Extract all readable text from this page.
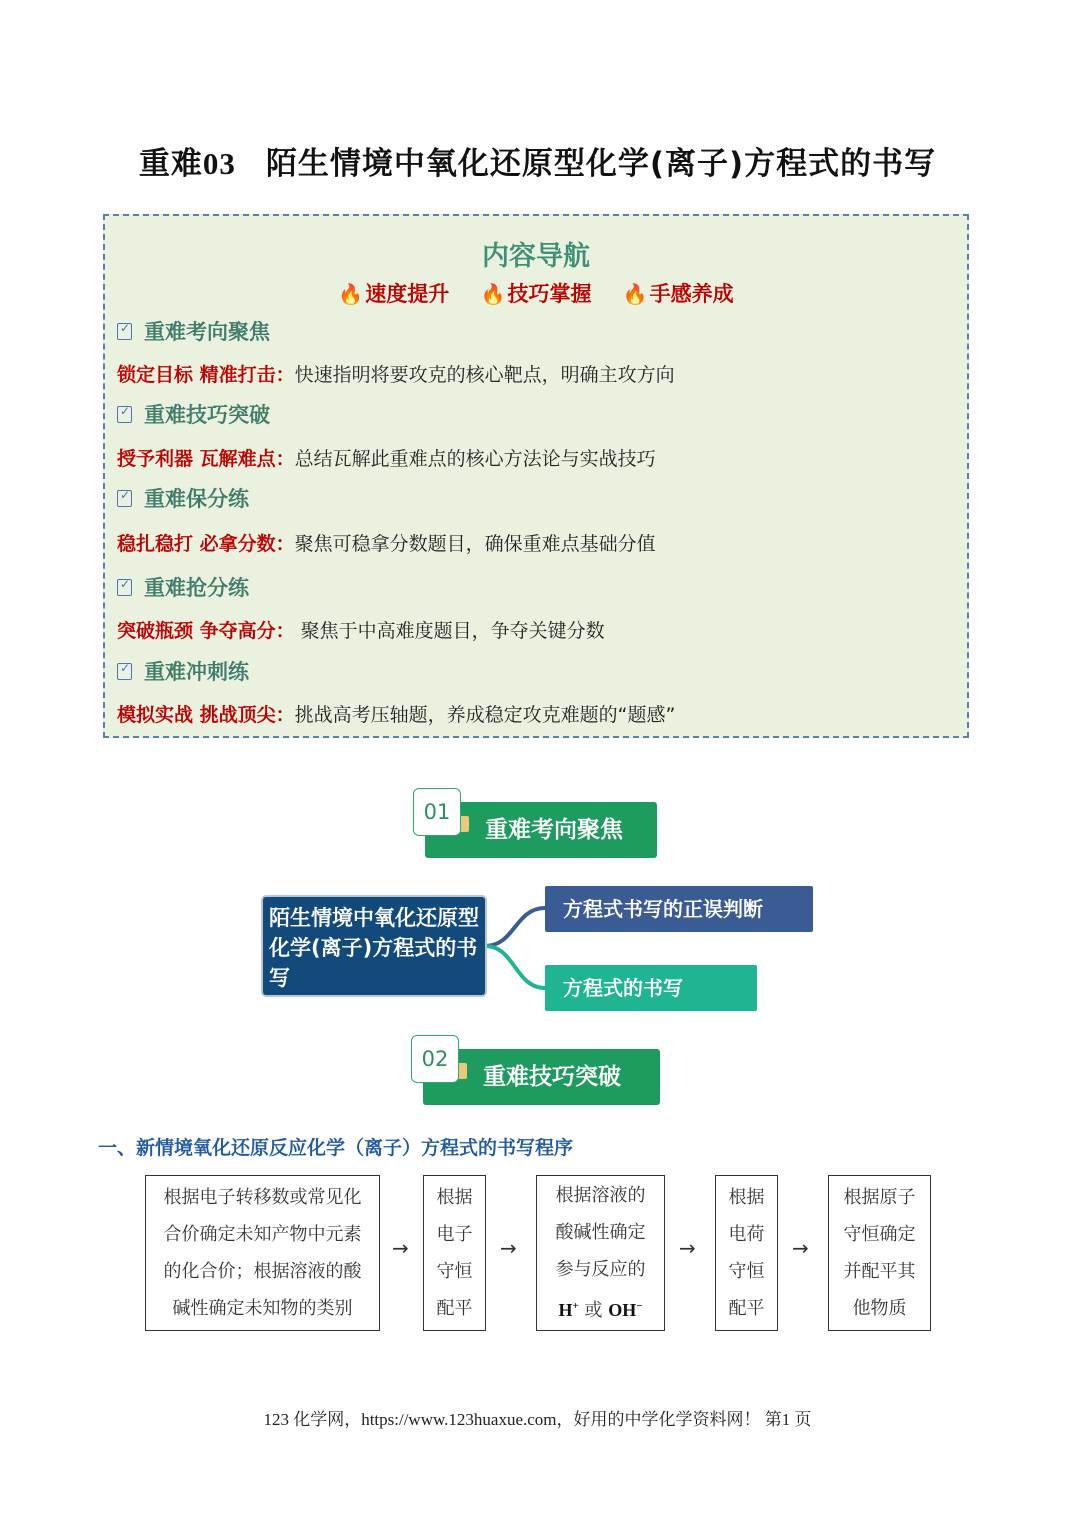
重难03 陌生情境中氧化还原型化学(离子)方程式的书写
内容导航
🔥速度提升 🔥技巧掌握 🔥手感养成
✓
重难考向聚焦
锁定目标 精准打击：快速指明将要攻克的核心靶点，明确主攻方向
✓
重难技巧突破
授予利器 瓦解难点：总结瓦解此重难点的核心方法论与实战技巧
✓
重难保分练
稳扎稳打 必拿分数：聚焦可稳拿分数题目，确保重难点基础分值
✓
重难抢分练
突破瓶颈 争夺高分： 聚焦于中高难度题目，争夺关键分数
✓
重难冲刺练
模拟实战 挑战顶尖：挑战高考压轴题，养成稳定攻克难题的“题感”
01
重难考向聚焦
陌生情境中氧化还原型化学(离子)方程式的书写
方程式书写的正误判断
方程式的书写
02
重难技巧突破
一、新情境氧化还原反应化学（离子）方程式的书写程序
根据电子转移数或常见化
合价确定未知产物中元素
的化合价；根据溶液的酸
碱性确定未知物的类别
→
根据
电子
守恒
配平
→
根据溶液的
酸碱性确定
参与反应的
H+ 或 OH−
→
根据
电荷
守恒
配平
→
根据原子
守恒确定
并配平其
他物质
123 化学网，https://www.123huaxue.com，好用的中学化学资料网！ 第1 页
